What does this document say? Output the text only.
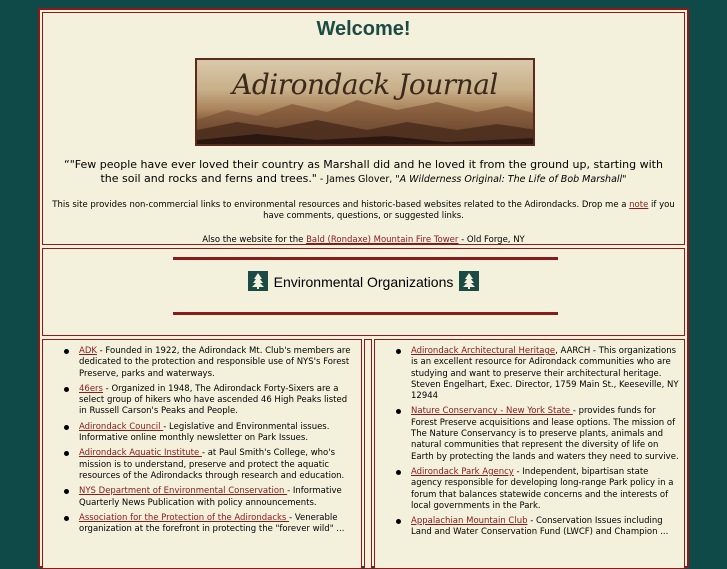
Welcome!
Adirondack Journal
“"Few people have ever loved their country as Marshall did and he loved it from the ground up, starting with
the soil and rocks and ferns and trees." - James Glover, "A Wilderness Original: The Life of Bob Marshall"
This site provides non-commercial links to environmental resources and historic-based websites related to the Adirondacks. Drop me a note if you have comments, questions, or suggested links.
Also the website for the Bald (Rondaxe) Mountain Fire Tower - Old Forge, NY
Environmental Organizations
ADK - Founded in 1922, the Adirondack Mt. Club's members are dedicated to the protection and responsible use of NYS's Forest Preserve, parks and waterways.
46ers - Organized in 1948, The Adirondack Forty-Sixers are a select group of hikers who have ascended 46 High Peaks listed in Russell Carson's Peaks and People.
Adirondack Council - Legislative and Environmental issues. Informative online monthly newsletter on Park Issues.
Adirondack Aquatic Institute - at Paul Smith's College, who's mission is to understand, preserve and protect the aquatic resources of the Adirondacks through research and education.
NYS Department of Environmental Conservation - Informative Quarterly News Publication with policy announcements.
Association for the Protection of the Adirondacks - Venerable organization at the forefront in protecting the "forever wild" ...
Adirondack Architectural Heritage, AARCH - This organizations is an excellent resource for Adirondack communities who are studying and want to preserve their architectural heritage. Steven Engelhart, Exec. Director, 1759 Main St., Keeseville, NY 12944
Nature Conservancy - New York State - provides funds for Forest Preserve acquisitions and lease options. The mission of The Nature Conservancy is to preserve plants, animals and natural communities that represent the diversity of life on Earth by protecting the lands and waters they need to survive.
Adirondack Park Agency - Independent, bipartisan state agency responsible for developing long-range Park policy in a forum that balances statewide concerns and the interests of local governments in the Park.
Appalachian Mountain Club - Conservation Issues including Land and Water Conservation Fund (LWCF) and Champion ...
